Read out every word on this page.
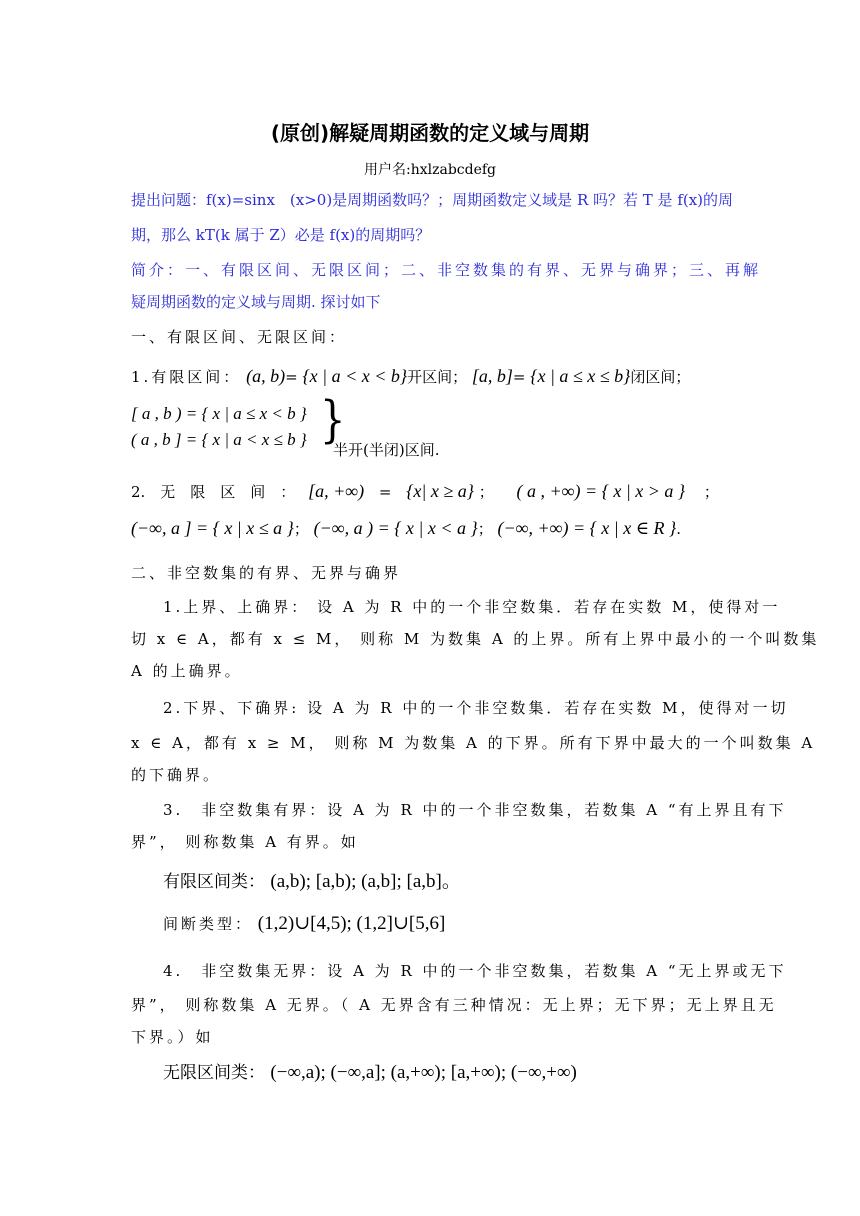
(原创)解疑周期函数的定义域与周期
用户名:hxlzabcdefg
提出问题：f(x)=sinx　(x>0)是周期函数吗？；周期函数定义域是 R 吗？若 T 是 f(x)的周
期，那么 kT(k 属于 Z）必是 f(x)的周期吗？
简介：一、有限区间、无限区间；二、非空数集的有界、无界与确界；三、再解
疑周期函数的定义域与周期. 探讨如下
一、有限区间、无限区间：
1.有限区间： (a, b)= {x | a < x < b}开区间； [a, b]= {x | a ≤ x ≤ b}闭区间；
[ a , b ) = { x | a ≤ x < b }
( a , b ] = { x | a < x ≤ b } }
半开(半闭)区间.
2.　无　限　区　间　： [a, +∞) = {x| x ≥ a} ； ( a , +∞) = { x | x > a } ；
(−∞, a ] = { x | x ≤ a }； (−∞, a ) = { x | x < a }； (−∞, +∞) = { x | x ∈ R }.
二、非空数集的有界、无界与确界
1.上界、上确界： 设 A 为 R 中的一个非空数集．若存在实数 M，使得对一
切 x ∈ A，都有 x ≤ M， 则称 M 为数集 A 的上界。所有上界中最小的一个叫数集
A 的上确界。
2.下界、下确界: 设 A 为 R 中的一个非空数集．若存在实数 M，使得对一切
x ∈ A，都有 x ≥ M， 则称 M 为数集 A 的下界。所有下界中最大的一个叫数集 A
的下确界。
3.　非空数集有界：设 A 为 R 中的一个非空数集，若数集 A “有上界且有下
界”， 则称数集 A 有界。如
有限区间类： (a,b); [a,b); (a,b]; [a,b]。
间断类型： (1,2)∪[4,5); (1,2]∪[5,6]
4.　非空数集无界：设 A 为 R 中的一个非空数集，若数集 A “无上界或无下
界”， 则称数集 A 无界。（ A 无界含有三种情况：无上界；无下界；无上界且无
下界。）如
无限区间类： (−∞,a); (−∞,a]; (a,+∞); [a,+∞); (−∞,+∞)
